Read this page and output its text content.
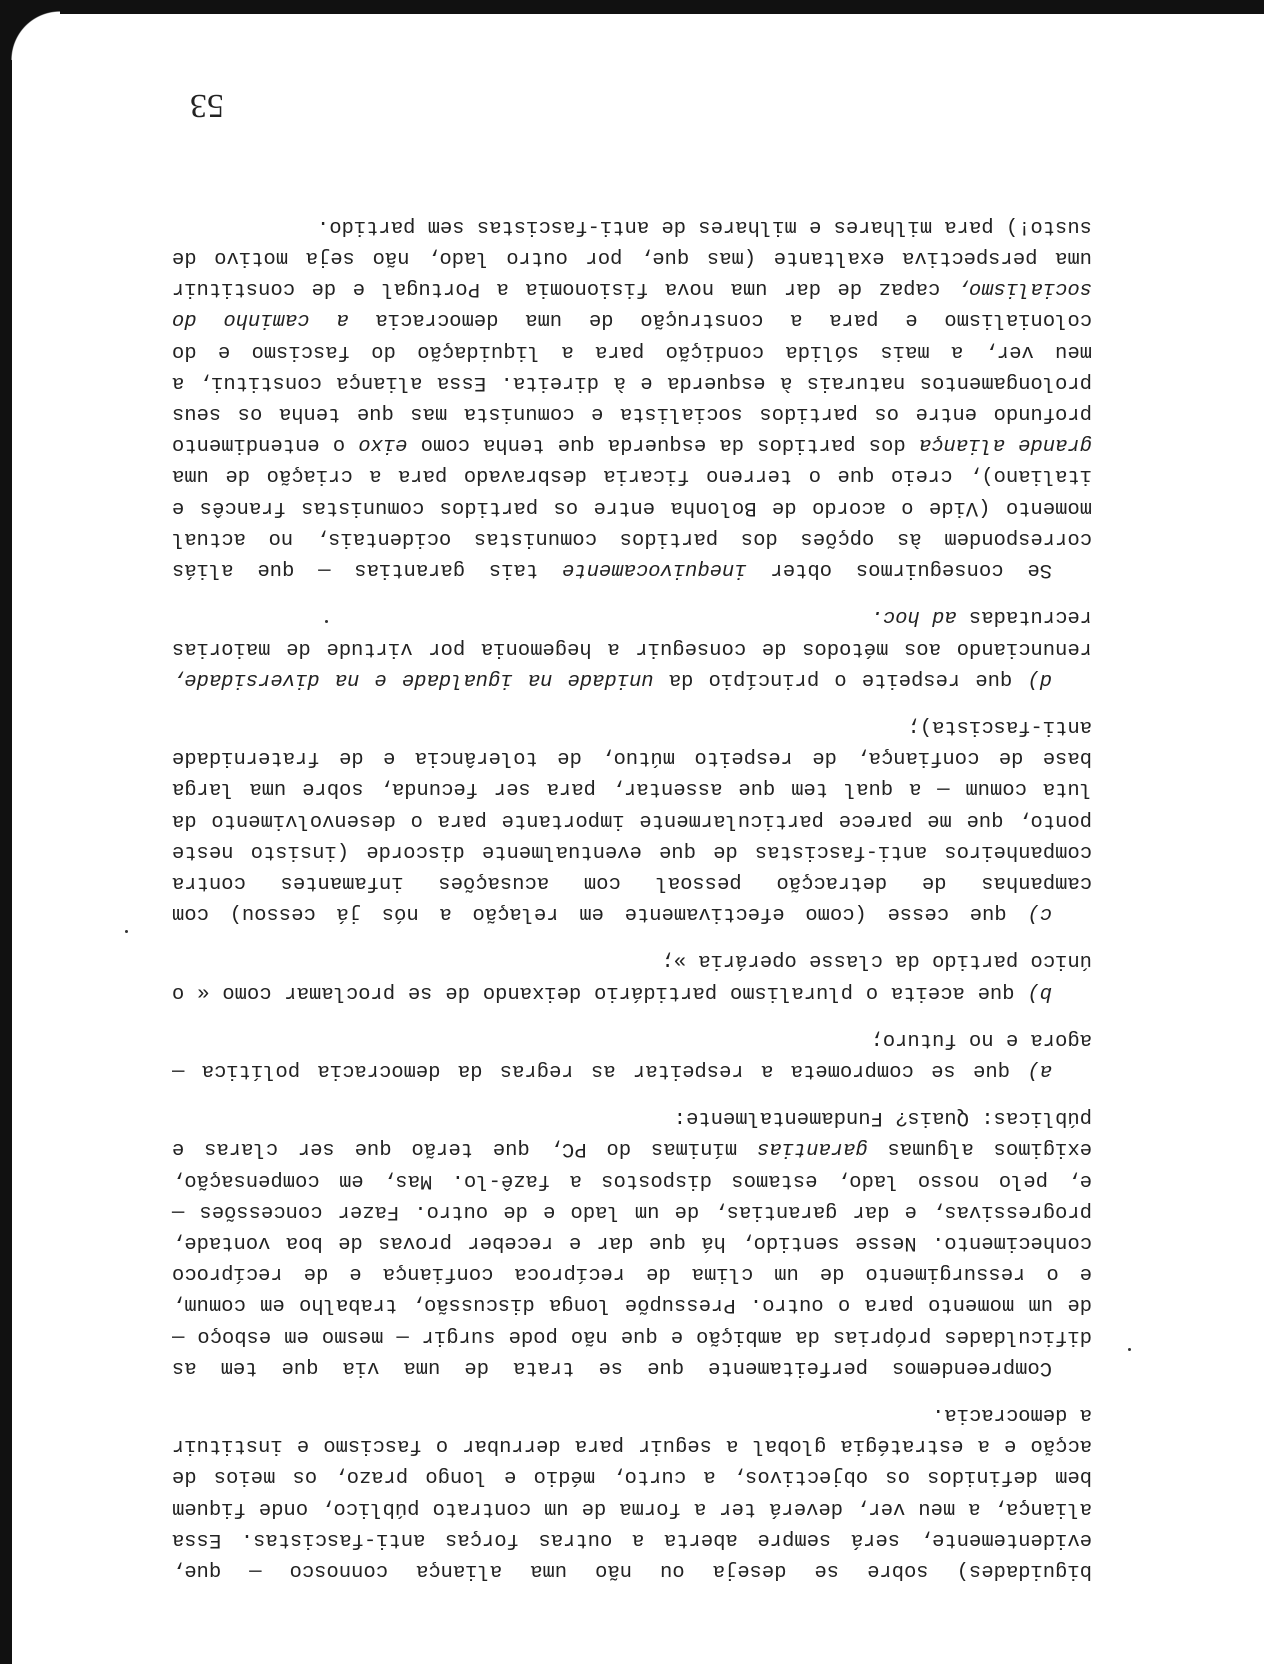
biguidades) sobre se deseja ou não uma aliança connosco — que, evidentemente, será sempre aberta a outras forças anti-fascistas. Essa aliança, a meu ver, deverá ter a forma de um contrato público, onde fiquem bem definidos os objectivos, a curto, médio e longo prazo, os meios de acção e a estratégia global a seguir para derrubar o fascismo e instituir a democracia.

Compreendemos perfeitamente que se trata de uma via que tem as dificuldades próprias da ambição e que não pode surgir — mesmo em esboço — de um momento para o outro. Pressupõe longa discussão, trabalho em comum, e o ressurgimento de um clima de recíproca confiança e de recíproco conhecimento. Nesse sentido, há que dar e receber provas de boa vontade, progressivas, e dar garantias, de um lado e de outro. Fazer concessões — e, pelo nosso lado, estamos dispostos a fazê-lo. Mas, em compensação, exigimos algumas garantias mínimas do PC, que terão que ser claras e públicas: Quais? Fundamentalmente:

a) que se comprometa a respeitar as regras da democracia política — agora e no futuro;

b) que aceita o pluralismo partidário deixando de se proclamar como « o único partido da classe operária »;

c) que cesse (como efectivamente em relação a nós já cessou) com campanhas de detracção pessoal com acusações infamantes contra companheiros anti-fascistas de que eventualmente discorde (insisto neste ponto, que me parece particularmente importante para o desenvolvimento da luta comum — a qual tem que assentar, para ser fecunda, sobre uma larga base de confiança, de respeito mútuo, de tolerância e de fraternidade anti-fascista);

d) que respeite o princípio da unidade na igualdade e na diversidade, renunciando aos métodos de conseguir a hegemonia por virtude de maiorias recrutadas ad hoc.

Se conseguirmos obter inequivocamente tais garantias — que aliás correspondem às opções dos partidos comunistas ocidentais, no actual momento (Vide o acordo de Bolonha entre os partidos comunistas francês e italiano), creio que o terreno ficaria desbravado para a criação de uma grande aliança dos partidos da esquerda que tenha como eixo o entendimento profundo entre os partidos socialista e comunista mas que tenha os seus prolongamentos naturais à esquerda e à direita. Essa aliança constitui, a meu ver, a mais sólida condição para a liquidação do fascismo e do colonialismo e para a construção de uma democracia a caminho do socialismo, capaz de dar uma nova fisionomia a Portugal e de constituir uma perspectiva exaltante (mas que, por outro lado, não seja motivo de susto!) para milhares e milhares de anti-fascistas sem partido.

53
